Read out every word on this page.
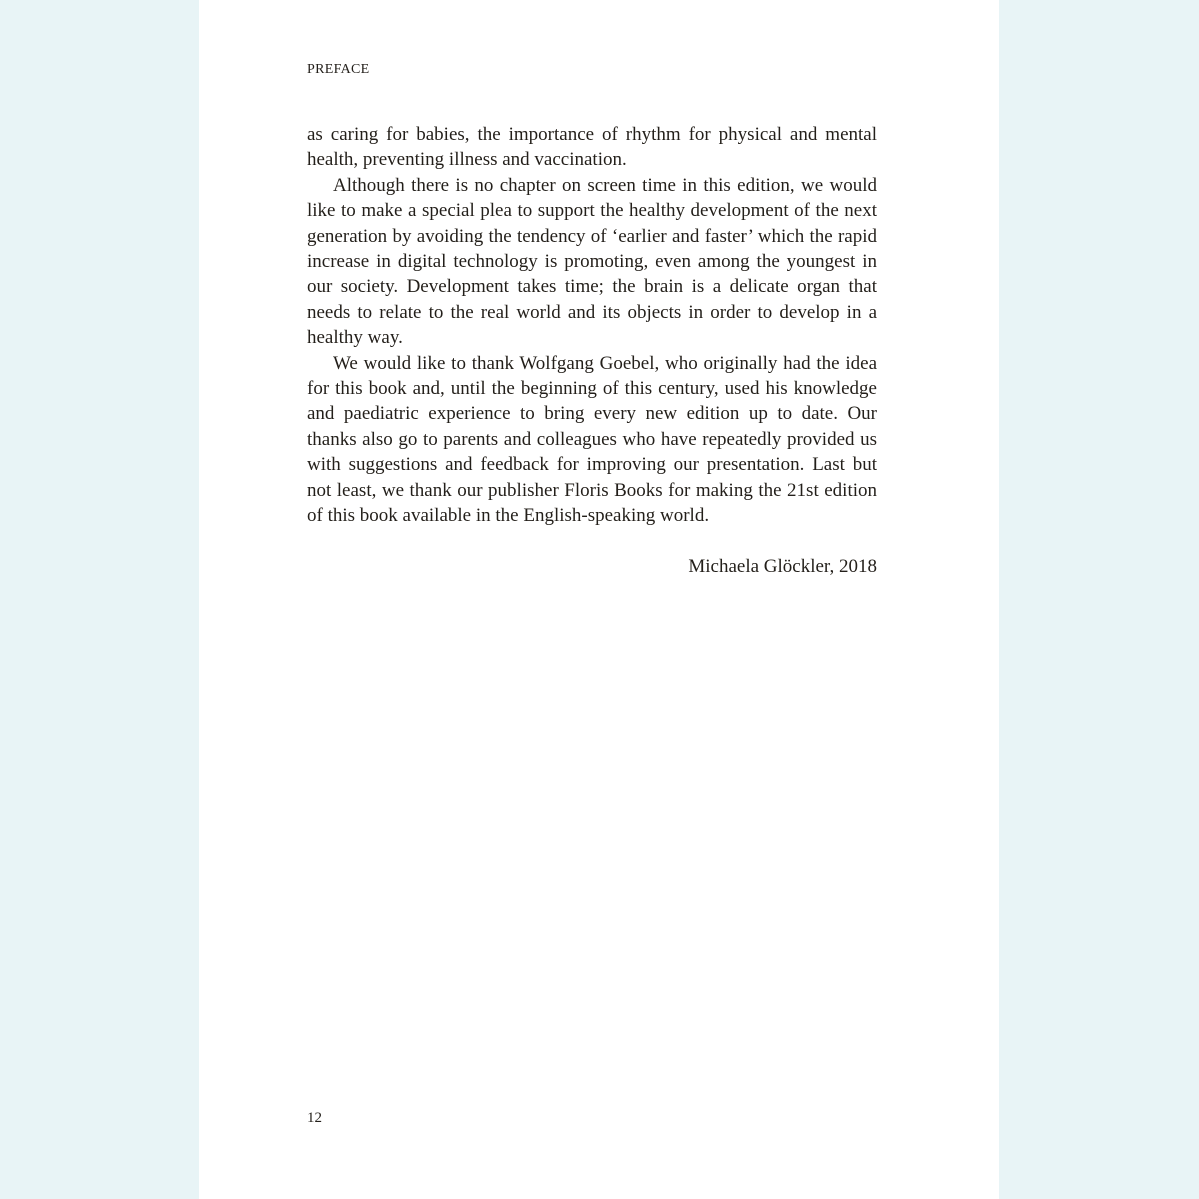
PREFACE

as caring for babies, the importance of rhythm for physical and mental health, preventing illness and vaccination.

Although there is no chapter on screen time in this edition, we would like to make a special plea to support the healthy development of the next generation by avoiding the tendency of ‘earlier and faster’ which the rapid increase in digital technology is promoting, even among the youngest in our society. Development takes time; the brain is a delicate organ that needs to relate to the real world and its objects in order to develop in a healthy way.

We would like to thank Wolfgang Goebel, who originally had the idea for this book and, until the beginning of this century, used his knowledge and paediatric experience to bring every new edition up to date. Our thanks also go to parents and colleagues who have repeatedly provided us with suggestions and feedback for improving our presentation. Last but not least, we thank our publisher Floris Books for making the 21st edition of this book available in the English-speaking world.

Michaela Glöckler, 2018

12
